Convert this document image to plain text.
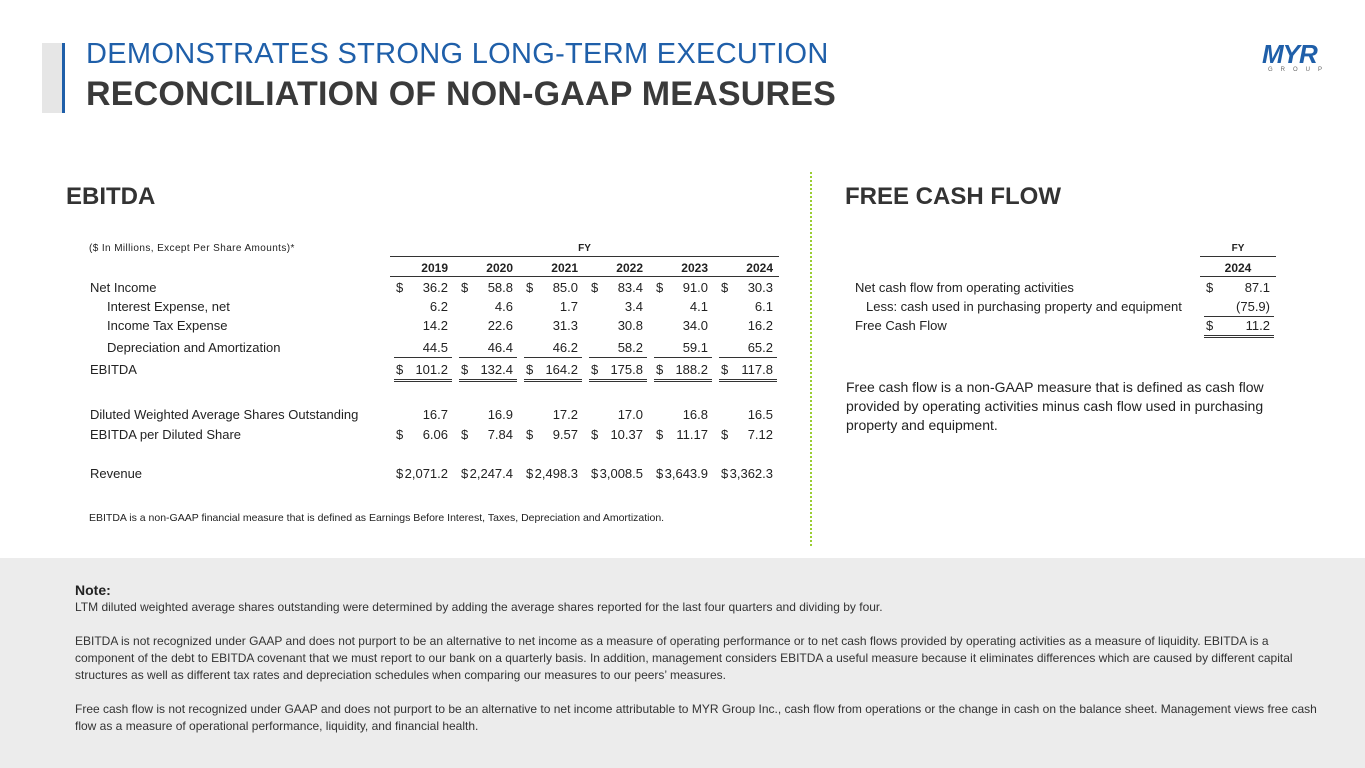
DEMONSTRATES STRONG LONG-TERM EXECUTION
RECONCILIATION OF NON-GAAP MEASURES
MYR
GROUP
EBITDA	FREE CASH FLOW
($ In Millions, Except Per Share Amounts)*	FY
2019	2020	2021	2022	2023	2024
Net Income	$ 36.2 $ 58.8 $ 85.0 $ 83.4 $ 91.0 $ 30.3
Interest Expense, net	6.2	4.6	1.7	3.4	4.1	6.1
Income Tax Expense	14.2	22.6	31.3	30.8	34.0	16.2
Depreciation and Amortization	44.5	46.4	46.2	58.2	59.1	65.2
EBITDA	$ 101.2 $ 132.4 $ 164.2 $ 175.8 $ 188.2 $ 117.8
Diluted Weighted Average Shares Outstanding	16.7	16.9	17.2	17.0	16.8	16.5
EBITDA per Diluted Share	$ 6.06 $ 7.84 $ 9.57 $ 10.37 $ 11.17 $ 7.12
Revenue	$ 2,071.2 $ 2,247.4 $ 2,498.3 $ 3,008.5 $ 3,643.9 $ 3,362.3
EBITDA is a non-GAAP financial measure that is defined as Earnings Before Interest, Taxes, Depreciation and Amortization.
FY
2024
Net cash flow from operating activities	$ 87.1
Less: cash used in purchasing property and equipment	(75.9)
Free Cash Flow	$ 11.2
Free cash flow is a non-GAAP measure that is defined as cash flow provided by operating activities minus cash flow used in purchasing property and equipment.
Note:
LTM diluted weighted average shares outstanding were determined by adding the average shares reported for the last four quarters and dividing by four.
EBITDA is not recognized under GAAP and does not purport to be an alternative to net income as a measure of operating performance or to net cash flows provided by operating activities as a measure of liquidity. EBITDA is a component of the debt to EBITDA covenant that we must report to our bank on a quarterly basis. In addition, management considers EBITDA a useful measure because it eliminates differences which are caused by different capital structures as well as different tax rates and depreciation schedules when comparing our measures to our peers’ measures.
Free cash flow is not recognized under GAAP and does not purport to be an alternative to net income attributable to MYR Group Inc., cash flow from operations or the change in cash on the balance sheet. Management views free cash flow as a measure of operational performance, liquidity, and financial health.
